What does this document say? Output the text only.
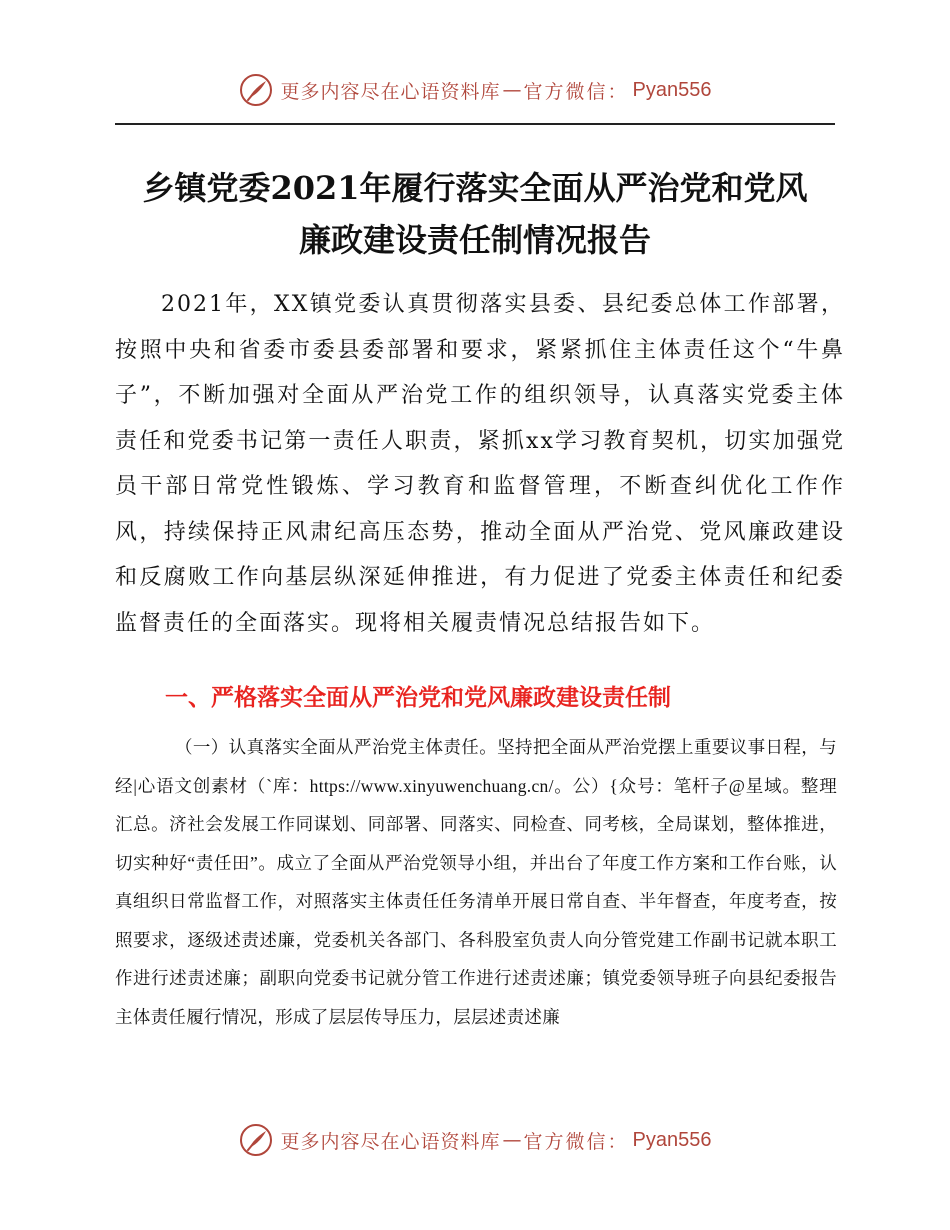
更多内容尽在心语资料库 — 官方微信： Pyan556
乡镇党委2021年履行落实全面从严治党和党风
廉政建设责任制情况报告

2021年，XX镇党委认真贯彻落实县委、县纪委总体工作部署，按照中央和省委市委县委部署和要求，紧紧抓住主体责任这个“牛鼻子”，不断加强对全面从严治党工作的组织领导，认真落实党委主体责任和党委书记第一责任人职责，紧抓xx学习教育契机，切实加强党员干部日常党性锻炼、学习教育和监督管理，不断查纠优化工作作风，持续保持正风肃纪高压态势，推动全面从严治党、党风廉政建设和反腐败工作向基层纵深延伸推进，有力促进了党委主体责任和纪委监督责任的全面落实。现将相关履责情况总结报告如下。

一、严格落实全面从严治党和党风廉政建设责任制

（一）认真落实全面从严治党主体责任。坚持把全面从严治党摆上重要议事日程，与经|心语文创素材（`库：https://www.xinyuwenchuang.cn/。公）{众号：笔杆子@星域。整理汇总。济社会发展工作同谋划、同部署、同落实、同检查、同考核，全局谋划，整体推进，切实种好“责任田”。成立了全面从严治党领导小组，并出台了年度工作方案和工作台账，认真组织日常监督工作，对照落实主体责任任务清单开展日常自查、半年督查，年度考查，按照要求，逐级述责述廉，党委机关各部门、各科股室负责人向分管党建工作副书记就本职工作进行述责述廉；副职向党委书记就分管工作进行述责述廉；镇党委领导班子向县纪委报告主体责任履行情况，形成了层层传导压力，层层述责述廉

更多内容尽在心语资料库 — 官方微信： Pyan556
